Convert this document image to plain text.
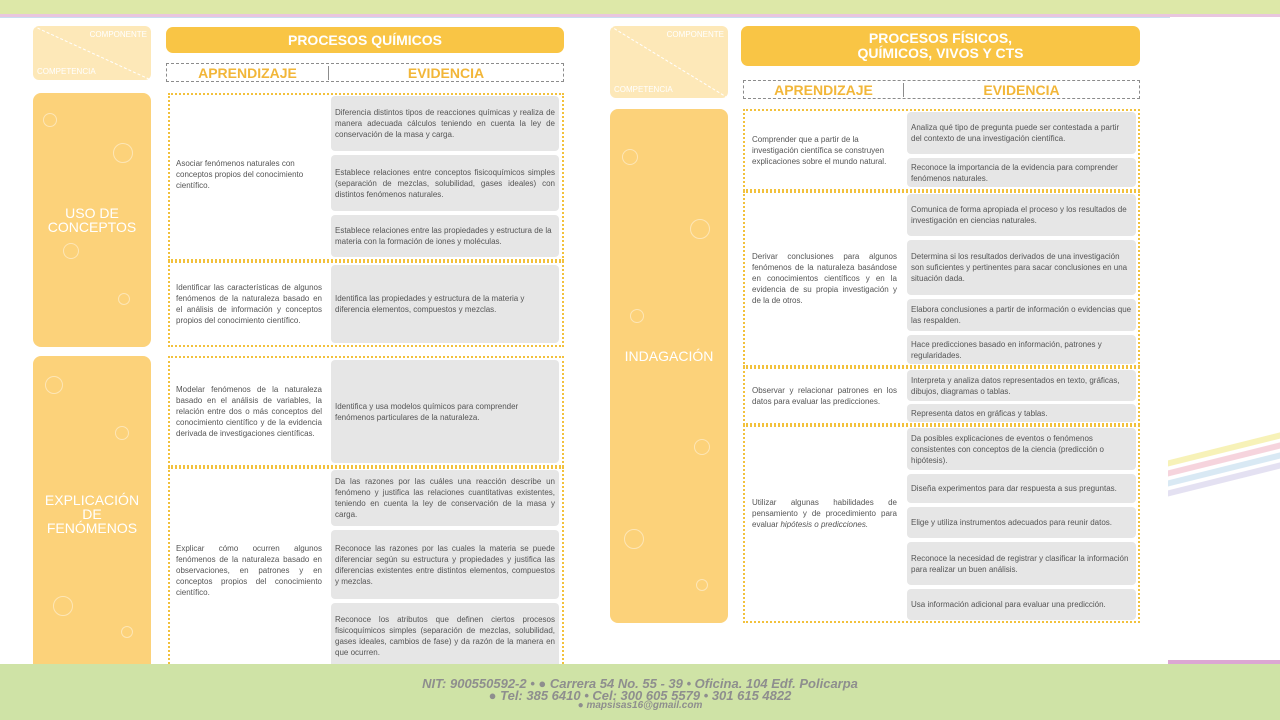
COMPONENTE
COMPETENCIA
PROCESOS QUÍMICOS
APRENDIZAJE	EVIDENCIA
USO DE CONCEPTOS
EXPLICACIÓN DE FENÓMENOS
Asociar fenómenos naturales con conceptos propios del conocimiento científico.
Diferencia distintos tipos de reacciones químicas y realiza de manera adecuada cálculos teniendo en cuenta la ley de conservación de la masa y carga.
Establece relaciones entre conceptos fisicoquímicos simples (separación de mezclas, solubilidad, gases ideales) con distintos fenómenos naturales.
Establece relaciones entre las propiedades y estructura de la materia con la formación de iones y moléculas.
Identificar las características de algunos fenómenos de la naturaleza basado en el análisis de información y conceptos propios del conocimiento científico.
Identifica las propiedades y estructura de la materia y diferencia elementos, compuestos y mezclas.
Modelar fenómenos de la naturaleza basado en el análisis de variables, la relación entre dos o más conceptos del conocimiento científico y de la evidencia derivada de investigaciones científicas.
Identifica y usa modelos químicos para comprender fenómenos particulares de la naturaleza.
Explicar cómo ocurren algunos fenómenos de la naturaleza basado en observaciones, en patrones y en conceptos propios del conocimiento científico.
Da las razones por las cuáles una reacción describe un fenómeno y justifica las relaciones cuantitativas existentes, teniendo en cuenta la ley de conservación de la masa y carga.
Reconoce las razones por las cuales la materia se puede diferenciar según su estructura y propiedades y justifica las diferencias existentes entre distintos elementos, compuestos y mezclas.
Reconoce los atributos que definen ciertos procesos fisicoquímicos simples (separación de mezclas, solubilidad, gases ideales, cambios de fase) y da razón de la manera en que ocurren.
COMPONENTE
COMPETENCIA
PROCESOS FÍSICOS, QUÍMICOS, VIVOS Y CTS
APRENDIZAJE	EVIDENCIA
INDAGACIÓN
Comprender que a partir de la investigación científica se construyen explicaciones sobre el mundo natural.
Analiza qué tipo de pregunta puede ser contestada a partir del contexto de una investigación científica.
Reconoce la importancia de la evidencia para comprender fenómenos naturales.
Derivar conclusiones para algunos fenómenos de la naturaleza basándose en conocimientos científicos y en la evidencia de su propia investigación y de la de otros.
Comunica de forma apropiada el proceso y los resultados de investigación en ciencias naturales.
Determina si los resultados derivados de una investigación son suficientes y pertinentes para sacar conclusiones en una situación dada.
Elabora conclusiones a partir de información o evidencias que las respalden.
Hace predicciones basado en información, patrones y regularidades.
Observar y relacionar patrones en los datos para evaluar las predicciones.
Interpreta y analiza datos representados en texto, gráficas, dibujos, diagramas o tablas.
Representa datos en gráficas y tablas.
Utilizar algunas habilidades de pensamiento y de procedimiento para evaluar hipótesis o predicciones.
Da posibles explicaciones de eventos o fenómenos consistentes con conceptos de la ciencia (predicción o hipótesis).
Diseña experimentos para dar respuesta a sus preguntas.
Elige y utiliza instrumentos adecuados para reunir datos.
Reconoce la necesidad de registrar y clasificar la información para realizar un buen análisis.
Usa información adicional para evaluar una predicción.
NIT: 900550592-2 • ● Carrera 54 No. 55 - 39 • Oficina. 104 Edf. Policarpa
● Tel: 385 6410 • Cel: 300 605 5579 • 301 615 4822
● mapsisas16@gmail.com
